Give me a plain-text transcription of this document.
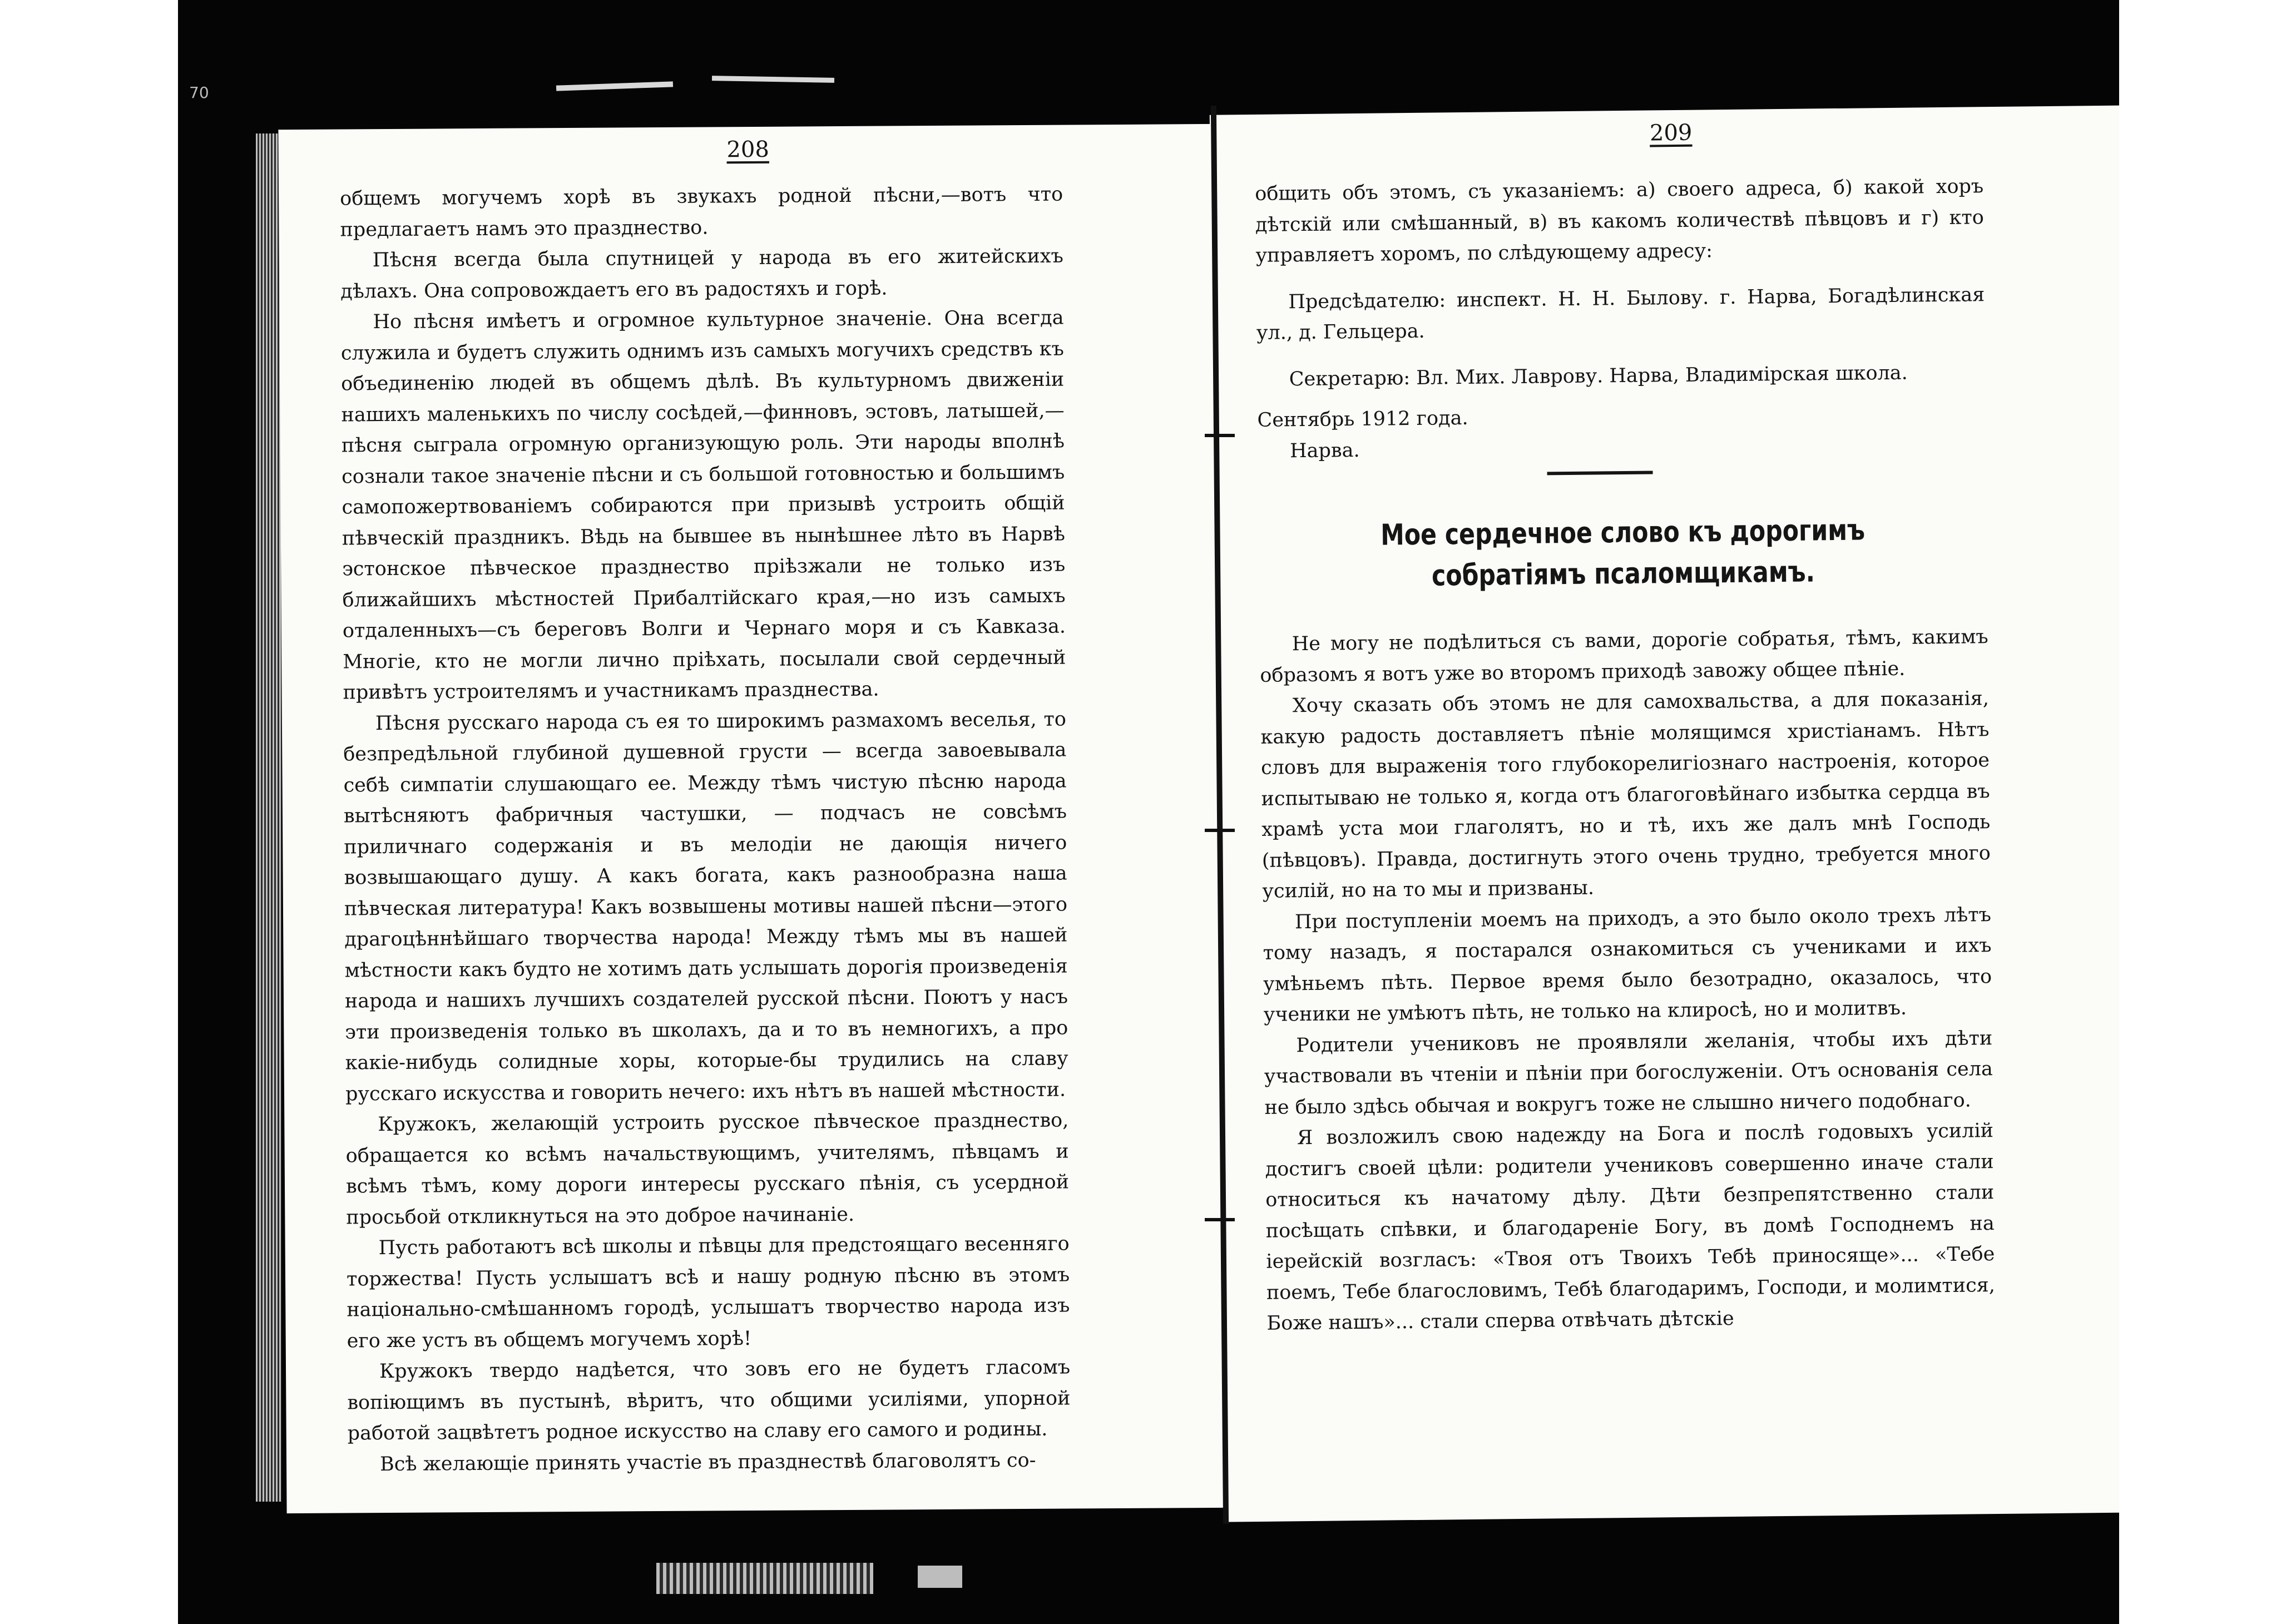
70
208

общемъ могучемъ хорѣ въ звукахъ родной пѣсни,—вотъ что предлагаетъ намъ это празднество.

Пѣсня всегда была спутницей у народа въ его житейскихъ дѣлахъ. Она сопровождаетъ его въ радостяхъ и горѣ.

Но пѣсня имѣетъ и огромное культурное значеніе. Она всегда служила и будетъ служить однимъ изъ самыхъ могучихъ средствъ къ объединенію людей въ общемъ дѣлѣ. Въ культурномъ движеніи нашихъ маленькихъ по числу сосѣдей,—финновъ, эстовъ, латышей,—пѣсня сыграла огромную организующую роль. Эти народы вполнѣ сознали такое значеніе пѣсни и съ большой готовностью и большимъ самопожертвованіемъ собираются при призывѣ устроить общій пѣвческій праздникъ. Вѣдь на бывшее въ нынѣшнее лѣто въ Нарвѣ эстонское пѣвческое празднество пріѣзжали не только изъ ближайшихъ мѣстностей Прибалтійскаго края,—но изъ самыхъ отдаленныхъ—съ береговъ Волги и Чернаго моря и съ Кавказа. Многіе, кто не могли лично пріѣхать, посылали свой сердечный привѣтъ устроителямъ и участникамъ празднества.

Пѣсня русскаго народа съ ея то широкимъ размахомъ веселья, то безпредѣльной глубиной душевной грусти — всегда завоевывала себѣ симпатіи слушающаго ее. Между тѣмъ чистую пѣсню народа вытѣсняютъ фабричныя частушки, — подчасъ не совсѣмъ приличнаго содержанія и въ мелодіи не дающія ничего возвышающаго душу. А какъ богата, какъ разнообразна наша пѣвческая литература! Какъ возвышены мотивы нашей пѣсни—этого драгоцѣннѣйшаго творчества народа! Между тѣмъ мы въ нашей мѣстности какъ будто не хотимъ дать услышать дорогія произведенія народа и нашихъ лучшихъ создателей русской пѣсни. Поютъ у насъ эти произведенія только въ школахъ, да и то въ немногихъ, а про какіе-нибудь солидные хоры, которые-бы трудились на славу русскаго искусства и говорить нечего: ихъ нѣтъ въ нашей мѣстности.

Кружокъ, желающій устроить русское пѣвческое празднество, обращается ко всѣмъ начальствующимъ, учителямъ, пѣвцамъ и всѣмъ тѣмъ, кому дороги интересы русскаго пѣнія, съ усердной просьбой откликнуться на это доброе начинаніе.

Пусть работаютъ всѣ школы и пѣвцы для предстоящаго весенняго торжества! Пусть услышатъ всѣ и нашу родную пѣсню въ этомъ національно-смѣшанномъ городѣ, услышатъ творчество народа изъ его же устъ въ общемъ могучемъ хорѣ!

Кружокъ твердо надѣется, что зовъ его не будетъ гласомъ вопіющимъ въ пустынѣ, вѣритъ, что общими усиліями, упорной работой зацвѣтетъ родное искусство на славу его самого и родины.

Всѣ желающіе принять участіе въ празднествѣ благоволятъ со-

209

общить объ этомъ, съ указаніемъ: а) своего адреса, б) какой хоръ дѣтскій или смѣшанный, в) въ какомъ количествѣ пѣвцовъ и г) кто управляетъ хоромъ, по слѣдующему адресу:

Предсѣдателю: инспект. Н. Н. Былову. г. Нарва, Богадѣлинская ул., д. Гельцера.

Секретарю: Вл. Мих. Лаврову. Нарва, Владимірская школа.

Сентябрь 1912 года.

Нарва.

Мое сердечное слово къ дорогимъ собратіямъ псаломщикамъ.

Не могу не подѣлиться съ вами, дорогіе собратья, тѣмъ, какимъ образомъ я вотъ уже во второмъ приходѣ завожу общее пѣніе.

Хочу сказать объ этомъ не для самохвальства, а для показанія, какую радость доставляетъ пѣніе молящимся христіанамъ. Нѣтъ словъ для выраженія того глубокорелигіознаго настроенія, которое испытываю не только я, когда отъ благоговѣйнаго избытка сердца въ храмѣ уста мои глаголятъ, но и тѣ, ихъ же далъ мнѣ Господь (пѣвцовъ). Правда, достигнуть этого очень трудно, требуется много усилій, но на то мы и призваны.

При поступленіи моемъ на приходъ, а это было около трехъ лѣтъ тому назадъ, я постарался ознакомиться съ учениками и ихъ умѣньемъ пѣть. Первое время было безотрадно, оказалось, что ученики не умѣютъ пѣть, не только на клиросѣ, но и молитвъ.

Родители учениковъ не проявляли желанія, чтобы ихъ дѣти участвовали въ чтеніи и пѣніи при богослуженіи. Отъ основанія села не было здѣсь обычая и вокругъ тоже не слышно ничего подобнаго.

Я возложилъ свою надежду на Бога и послѣ годовыхъ усилій достигъ своей цѣли: родители учениковъ совершенно иначе стали относиться къ начатому дѣлу. Дѣти безпрепятственно стали посѣщать спѣвки, и благодареніе Богу, въ домѣ Господнемъ на іерейскій возгласъ: «Твоя отъ Твоихъ Тебѣ приносяще»... «Тебе поемъ, Тебе благословимъ, Тебѣ благодаримъ, Господи, и молимтися, Боже нашъ»... стали сперва отвѣчать дѣтскіе
